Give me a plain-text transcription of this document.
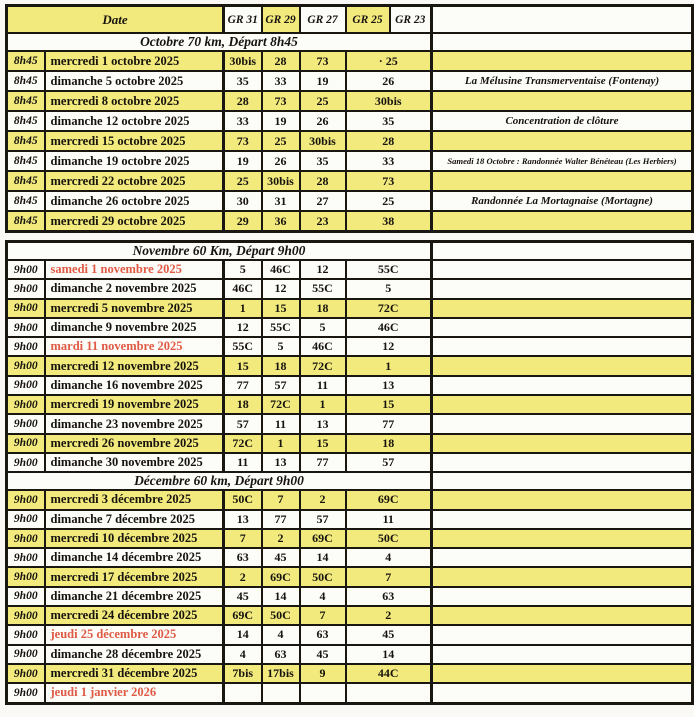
Date		GR 31	GR 29	GR 27	GR 25	GR 23	
Octobre 70 km, Départ 8h45							
8h45	mercredi 1 octobre 2025	30bis	28	73	· 25		
8h45	dimanche 5 octobre 2025	35	33	19	26		La Mélusine Transmerventaise (Fontenay)
8h45	mercredi 8 octobre 2025	28	73	25	30bis		
8h45	dimanche 12 octobre 2025	33	19	26	35		Concentration de clôture
8h45	mercredi 15 octobre 2025	73	25	30bis	28		
8h45	dimanche 19 octobre 2025	19	26	35	33		Samedi 18 Octobre : Randonnée Walter Bénéteau (Les Herbiers)
8h45	mercredi 22 octobre 2025	25	30bis	28	73		
8h45	dimanche 26 octobre 2025	30	31	27	25		Randonnée La Mortagnaise (Mortagne)
8h45	mercredi 29 octobre 2025	29	36	23	38		
Novembre 60 Km, Départ 9h00						
9h00	samedi 1 novembre 2025	5	46C	12	55C	
9h00	dimanche 2 novembre 2025	46C	12	55C	5	
9h00	mercredi 5 novembre 2025	1	15	18	72C	
9h00	dimanche 9 novembre 2025	12	55C	5	46C	
9h00	mardi 11 novembre 2025	55C	5	46C	12	
9h00	mercredi 12 novembre 2025	15	18	72C	1	
9h00	dimanche 16 novembre 2025	77	57	11	13	
9h00	mercredi 19 novembre 2025	18	72C	1	15	
9h00	dimanche 23 novembre 2025	57	11	13	77	
9h00	mercredi 26 novembre 2025	72C	1	15	18	
9h00	dimanche 30 novembre 2025	11	13	77	57	
Décembre 60 km, Départ 9h00						
9h00	mercredi 3 décembre 2025	50C	7	2	69C	
9h00	dimanche 7 décembre 2025	13	77	57	11	
9h00	mercredi 10 décembre 2025	7	2	69C	50C	
9h00	dimanche 14 décembre 2025	63	45	14	4	
9h00	mercredi 17 décembre 2025	2	69C	50C	7	
9h00	dimanche 21 décembre 2025	45	14	4	63	
9h00	mercredi 24 décembre 2025	69C	50C	7	2	
9h00	jeudi 25 décembre 2025	14	4	63	45	
9h00	dimanche 28 décembre 2025	4	63	45	14	
9h00	mercredi 31 décembre 2025	7bis	17bis	9	44C	
9h00	jeudi 1 janvier 2026					
